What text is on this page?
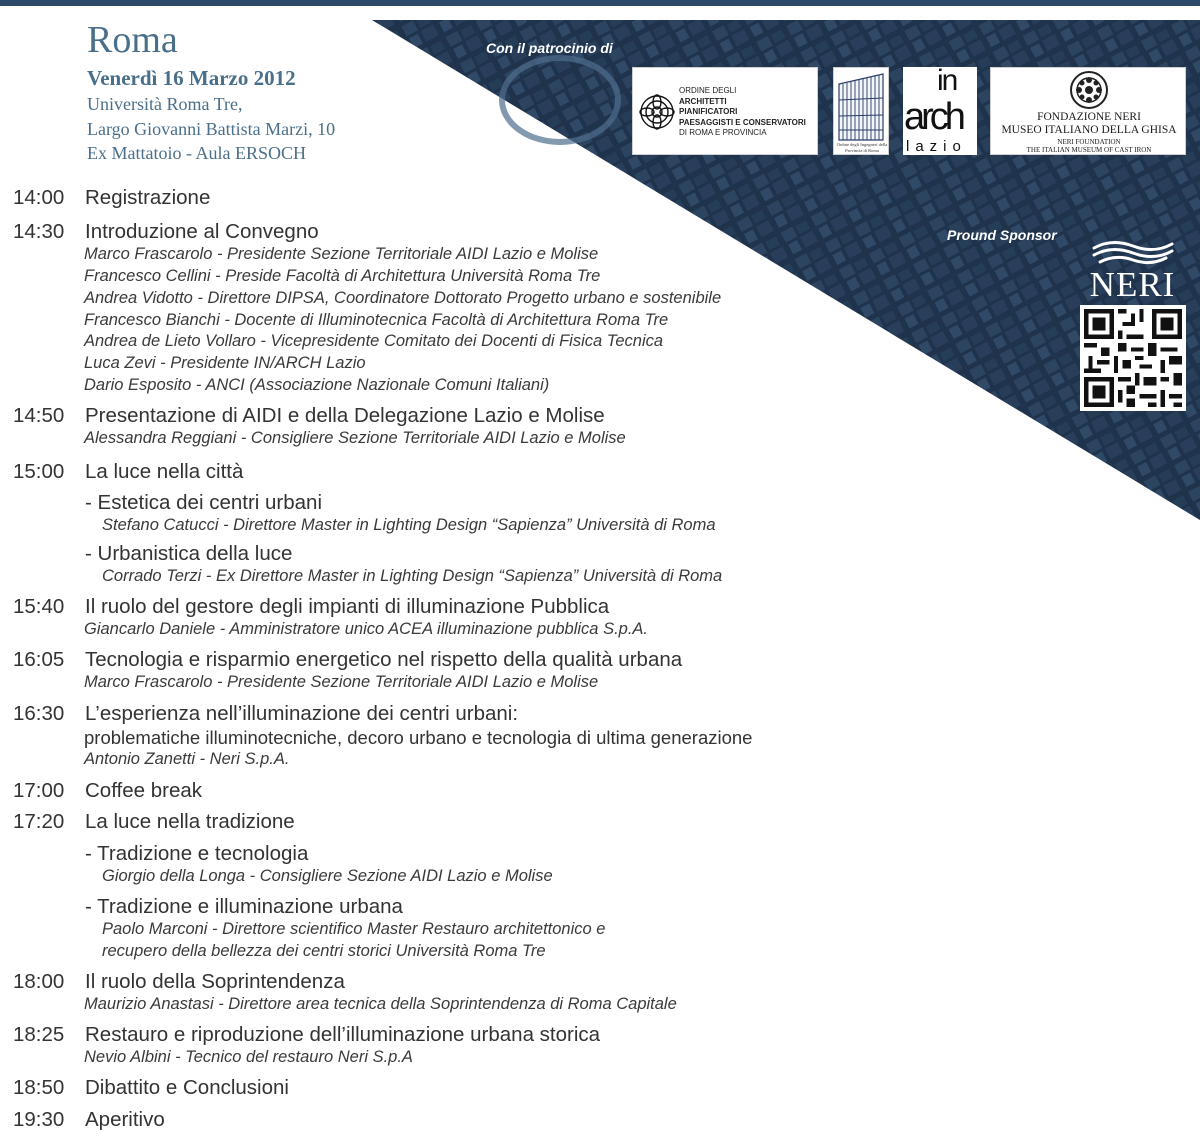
Roma
Venerdì 16 Marzo 2012
Università Roma Tre,
Largo Giovanni Battista Marzi, 10
Ex Mattatoio - Aula ERSOCH
Con il patrocinio di
ORDINE DEGLI
ARCHITETTI
PIANIFICATORI
PAESAGGISTI E CONSERVATORI
DI ROMA E PROVINCIA
Ordine degli Ingegneri della Provincia di Roma
in
arch
lazio
FONDAZIONE NERI
MUSEO ITALIANO DELLA GHISA
NERI FOUNDATION
THE ITALIAN MUSEUM OF CAST IRON
Pround Sponsor
NERI
14:00 Registrazione
14:30 Introduzione al Convegno
Marco Frascarolo - Presidente Sezione Territoriale AIDI Lazio e Molise
Francesco Cellini - Preside Facoltà di Architettura Università Roma Tre
Andrea Vidotto - Direttore DIPSA, Coordinatore Dottorato Progetto urbano e sostenibile
Francesco Bianchi - Docente di Illuminotecnica Facoltà di Architettura Roma Tre
Andrea de Lieto Vollaro - Vicepresidente Comitato dei Docenti di Fisica Tecnica
Luca Zevi - Presidente IN/ARCH Lazio
Dario Esposito - ANCI (Associazione Nazionale Comuni Italiani)
14:50 Presentazione di AIDI e della Delegazione Lazio e Molise
Alessandra Reggiani - Consigliere Sezione Territoriale AIDI Lazio e Molise
15:00 La luce nella città
- Estetica dei centri urbani
Stefano Catucci - Direttore Master in Lighting Design “Sapienza” Università di Roma
- Urbanistica della luce
Corrado Terzi - Ex Direttore Master in Lighting Design “Sapienza” Università di Roma
15:40 Il ruolo del gestore degli impianti di illuminazione Pubblica
Giancarlo Daniele - Amministratore unico ACEA illuminazione pubblica S.p.A.
16:05 Tecnologia e risparmio energetico nel rispetto della qualità urbana
Marco Frascarolo - Presidente Sezione Territoriale AIDI Lazio e Molise
16:30 L’esperienza nell’illuminazione dei centri urbani:
problematiche illuminotecniche, decoro urbano e tecnologia di ultima generazione
Antonio Zanetti - Neri S.p.A.
17:00 Coffee break
17:20 La luce nella tradizione
- Tradizione e tecnologia
Giorgio della Longa - Consigliere Sezione AIDI Lazio e Molise
- Tradizione e illuminazione urbana
Paolo Marconi - Direttore scientifico Master Restauro architettonico e
recupero della bellezza dei centri storici Università Roma Tre
18:00 Il ruolo della Soprintendenza
Maurizio Anastasi - Direttore area tecnica della Soprintendenza di Roma Capitale
18:25 Restauro e riproduzione dell’illuminazione urbana storica
Nevio Albini - Tecnico del restauro Neri S.p.A
18:50 Dibattito e Conclusioni
19:30 Aperitivo
